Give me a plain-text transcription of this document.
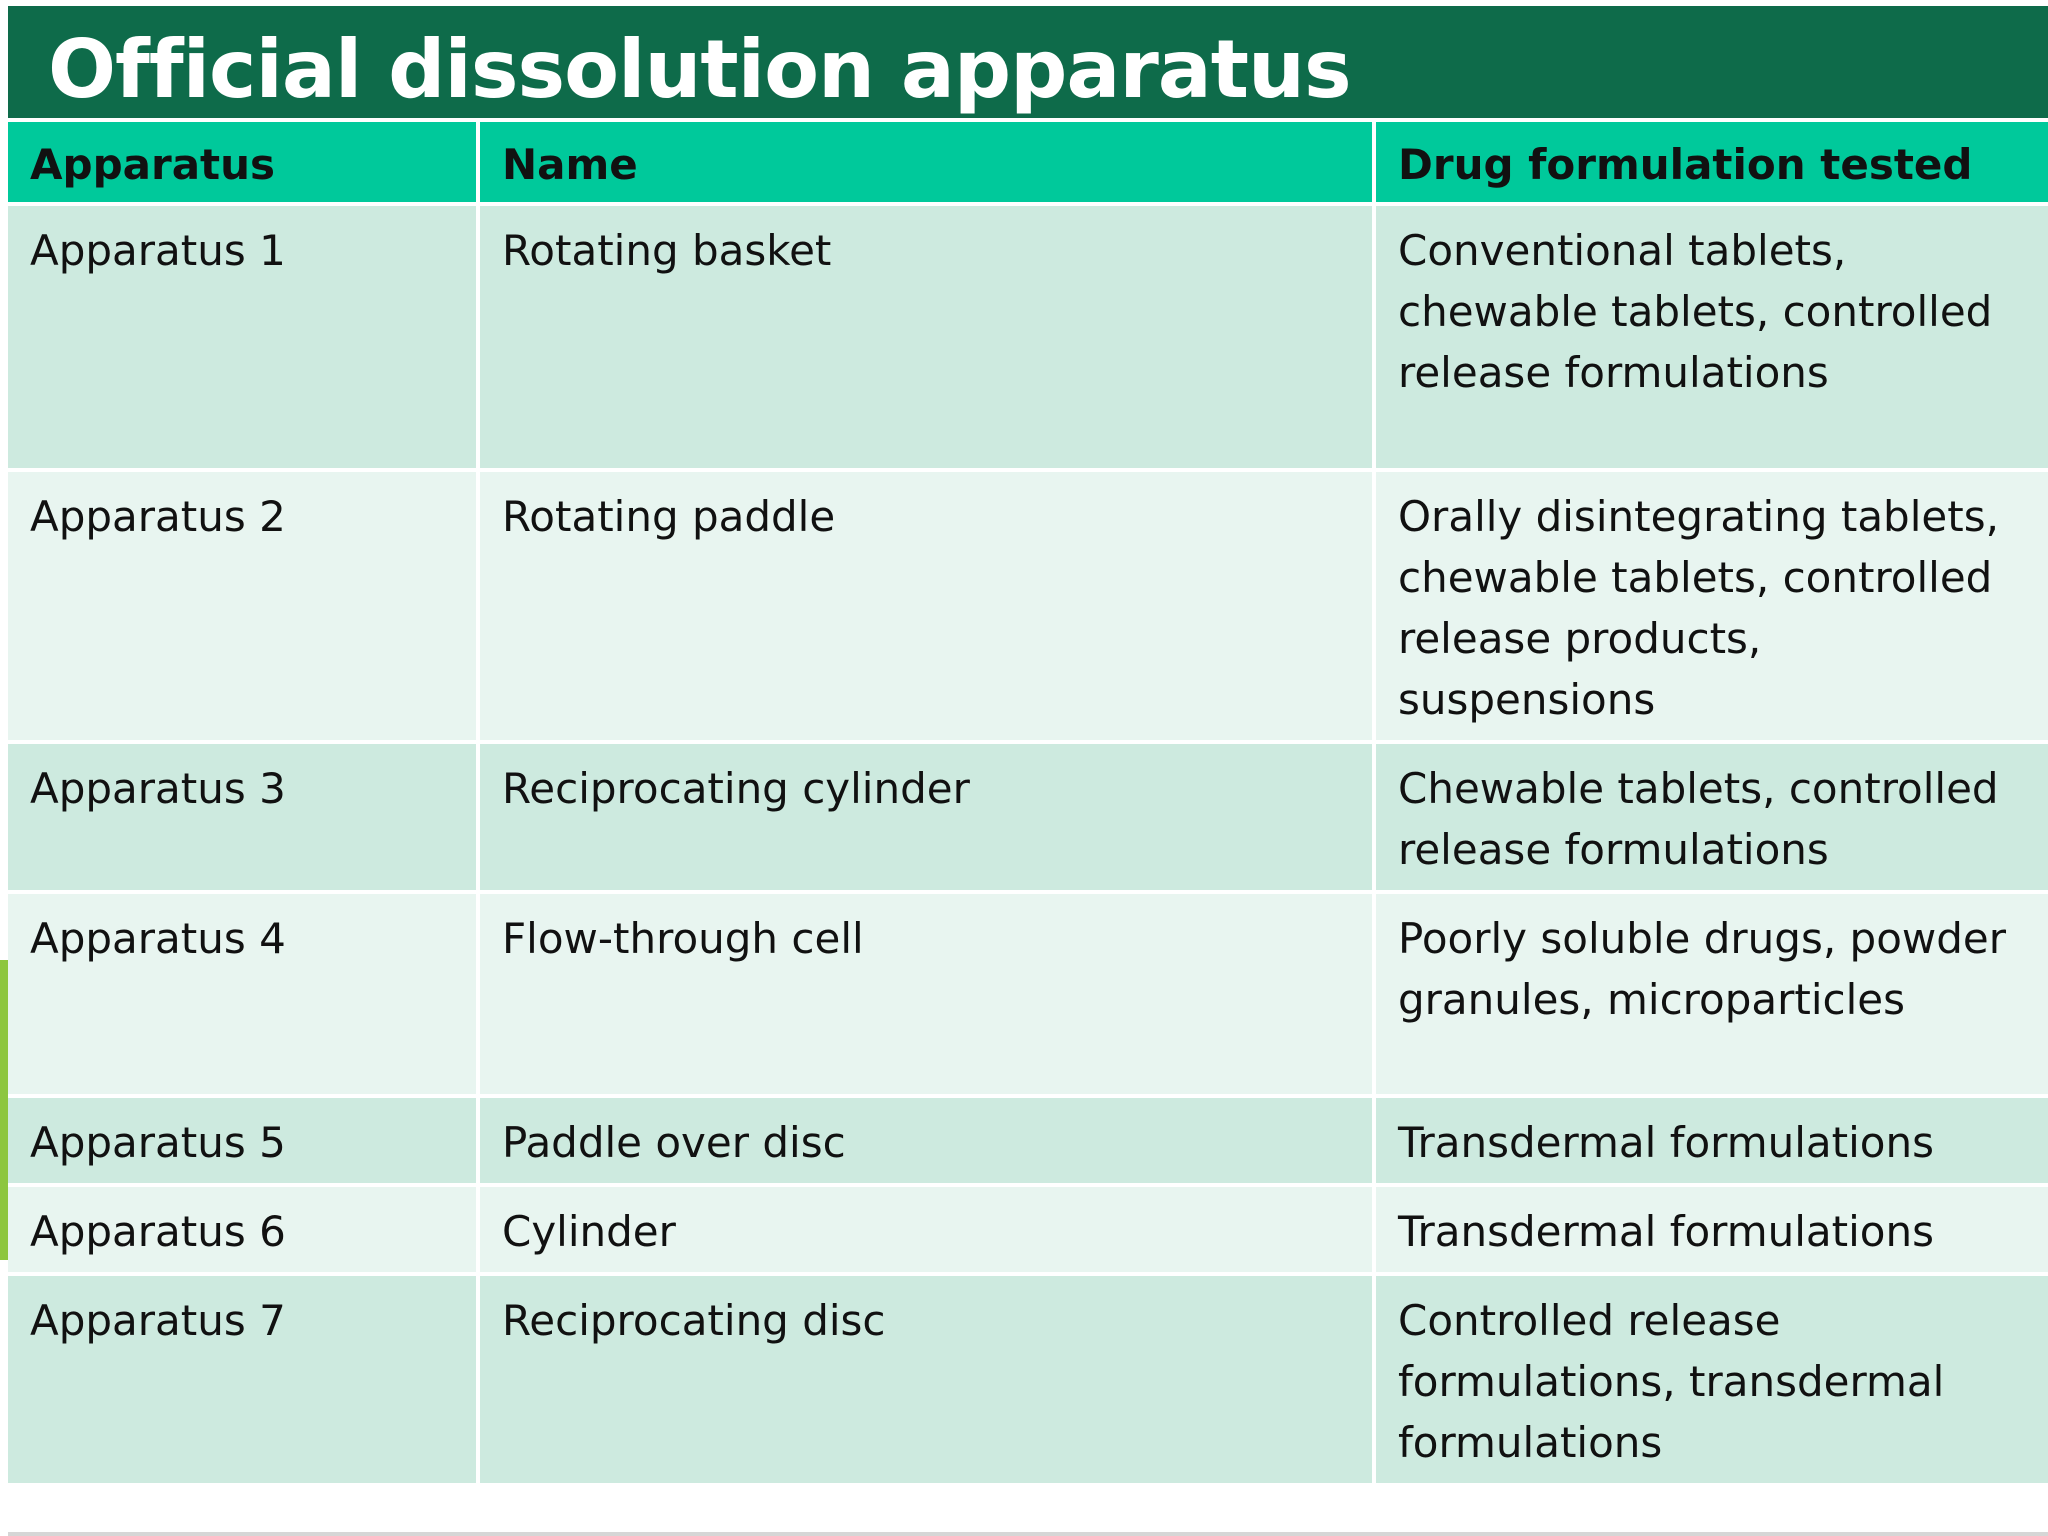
Official dissolution apparatus
Apparatus	Name	Drug formulation tested
Apparatus 1	Rotating basket	Conventional tablets, chewable tablets, controlled release formulations
Apparatus 2	Rotating paddle	Orally disintegrating tablets, chewable tablets, controlled release products, suspensions
Apparatus 3	Reciprocating cylinder	Chewable tablets, controlled release formulations
Apparatus 4	Flow-through cell	Poorly soluble drugs, powder granules, microparticles
Apparatus 5	Paddle over disc	Transdermal formulations
Apparatus 6	Cylinder	Transdermal formulations
Apparatus 7	Reciprocating disc	Controlled release formulations, transdermal formulations
